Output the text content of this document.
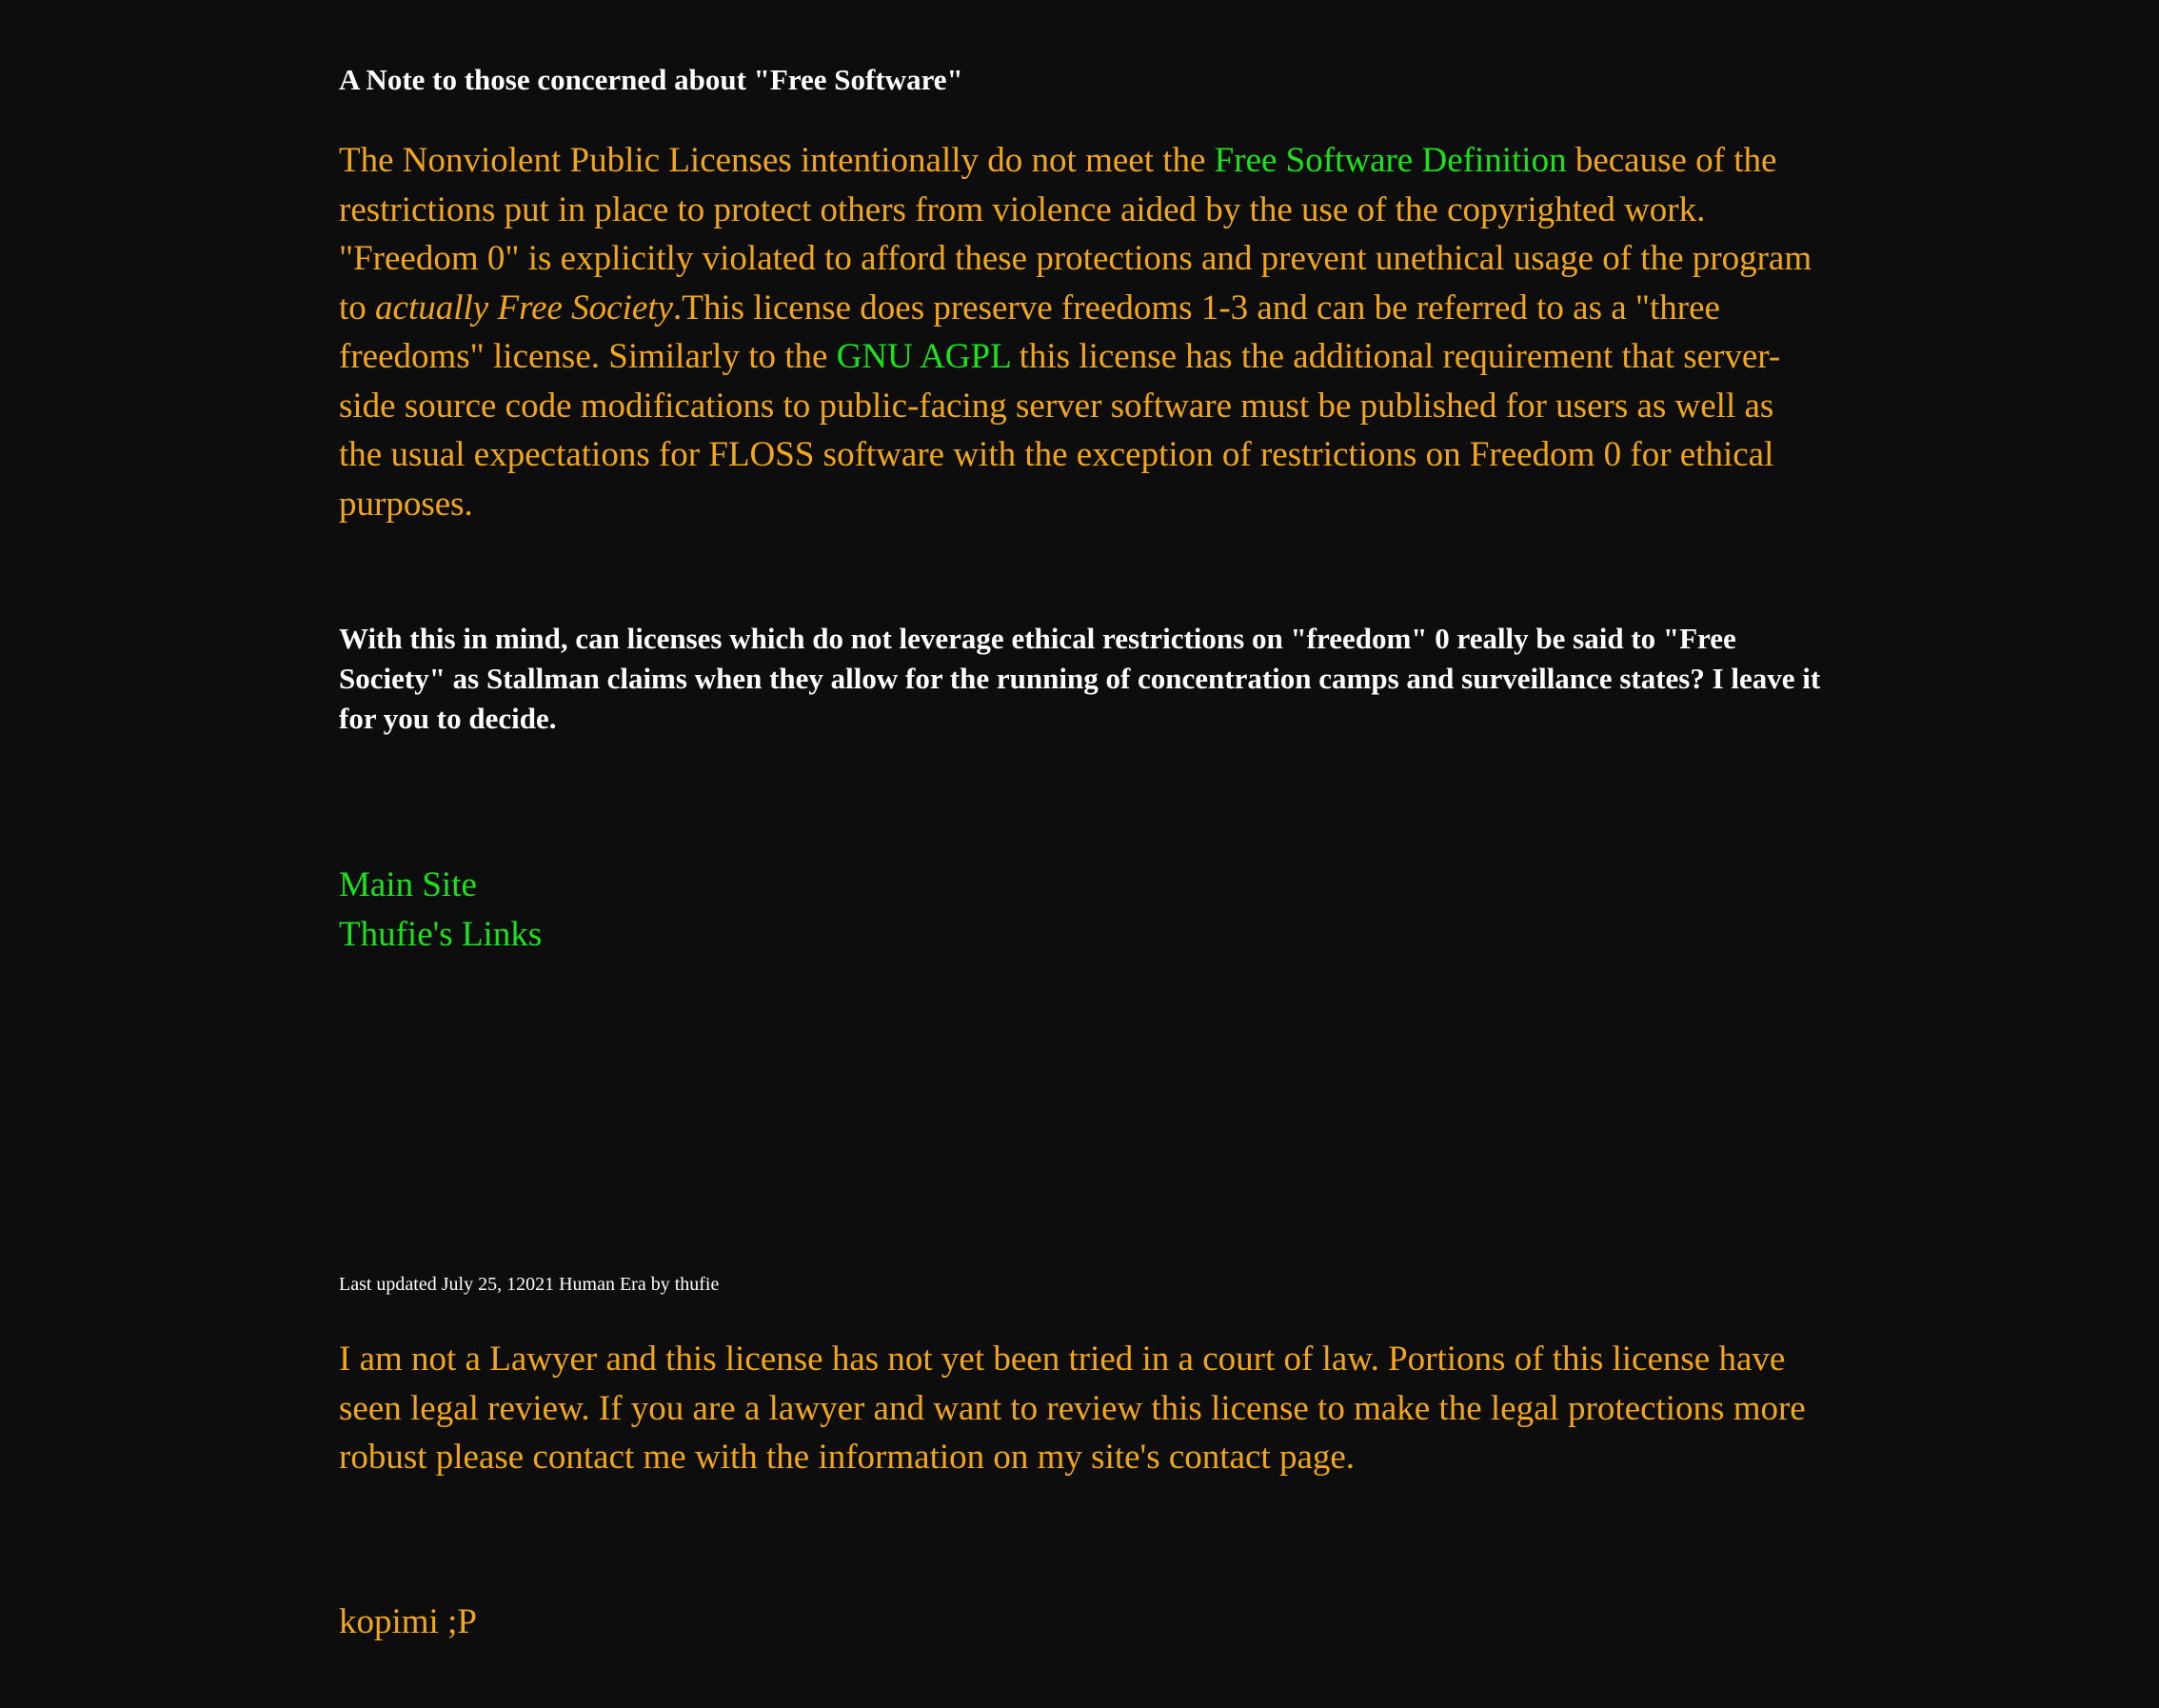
A Note to those concerned about "Free Software"

The Nonviolent Public Licenses intentionally do not meet the Free Software Definition because of the restrictions put in place to protect others from violence aided by the use of the copyrighted work. "Freedom 0" is explicitly violated to afford these protections and prevent unethical usage of the program to actually Free Society.This license does preserve freedoms 1-3 and can be referred to as a "three freedoms" license. Similarly to the GNU AGPL this license has the additional requirement that server-side source code modifications to public-facing server software must be published for users as well as the usual expectations for FLOSS software with the exception of restrictions on Freedom 0 for ethical purposes.

With this in mind, can licenses which do not leverage ethical restrictions on "freedom" 0 really be said to "Free Society" as Stallman claims when they allow for the running of concentration camps and surveillance states? I leave it for you to decide.

Main Site
Thufie's Links

Last updated July 25, 12021 Human Era by thufie

I am not a Lawyer and this license has not yet been tried in a court of law. Portions of this license have seen legal review. If you are a lawyer and want to review this license to make the legal protections more robust please contact me with the information on my site's contact page.

kopimi ;P
